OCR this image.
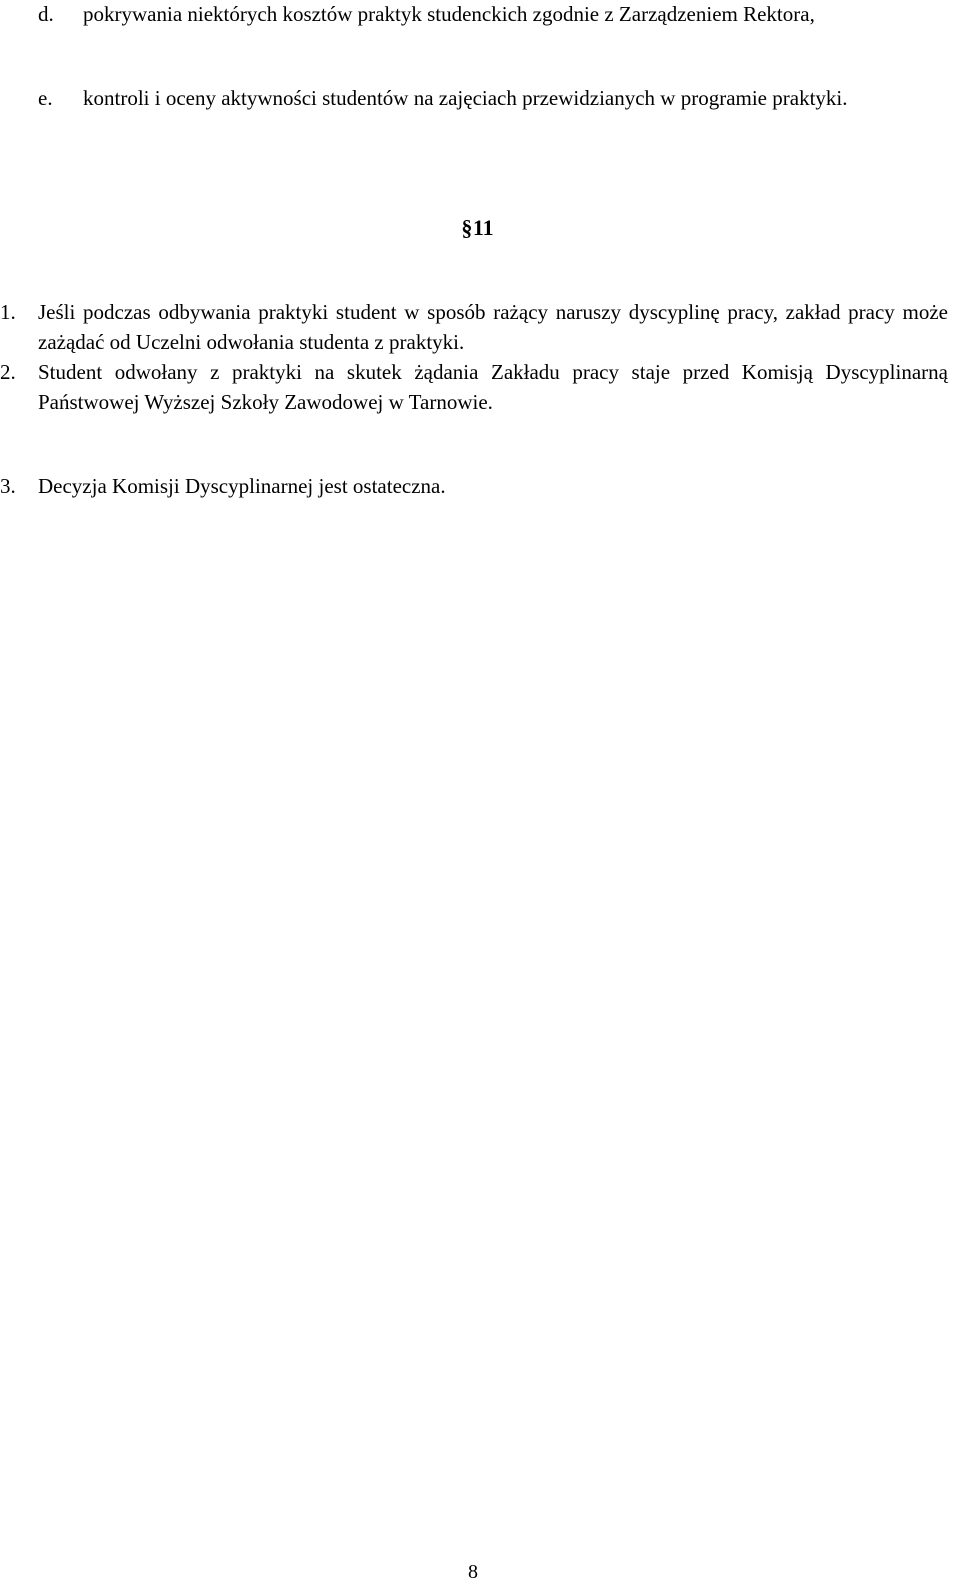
d.	pokrywania niektórych kosztów praktyk studenckich zgodnie z Zarządzeniem Rektora,

e.	kontroli i oceny aktywności studentów na zajęciach przewidzianych w programie praktyki.

§ 11

1.	Jeśli podczas odbywania praktyki student w sposób rażący naruszy dyscyplinę pracy, zakład pracy może zażądać od Uczelni odwołania studenta z praktyki.

2.	Student odwołany z praktyki na skutek żądania Zakładu pracy staje przed Komisją Dyscyplinarną Państwowej Wyższej Szkoły Zawodowej w Tarnowie.

3.	Decyzja Komisji Dyscyplinarnej jest ostateczna.

8
